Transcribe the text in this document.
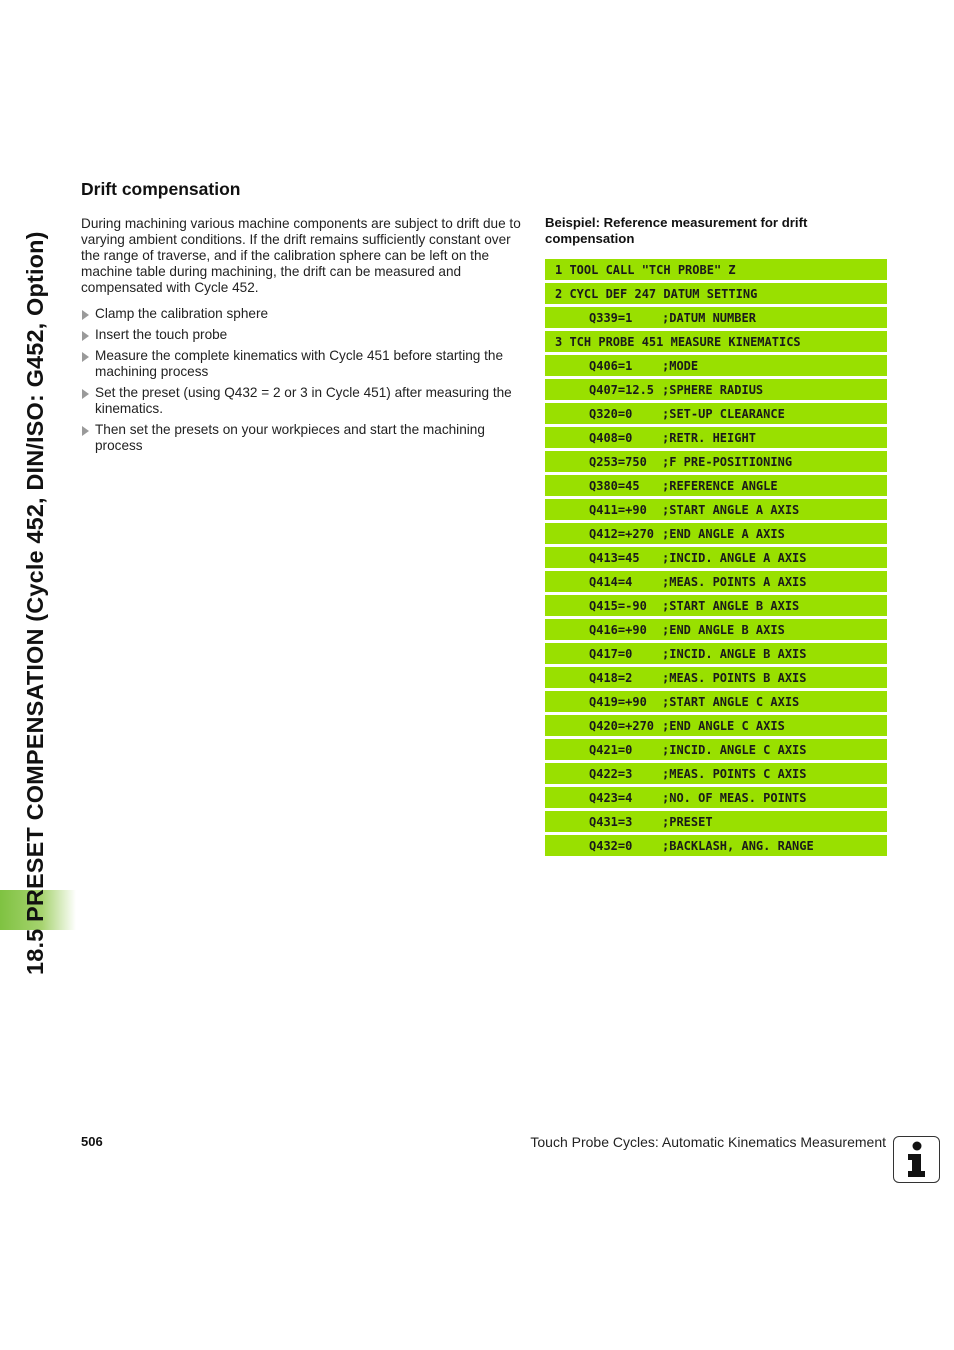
18.5 PRESET COMPENSATION (Cycle 452, DIN/ISO: G452, Option)
Drift compensation
During machining various machine components are subject to drift due to varying ambient conditions. If the drift remains sufficiently constant over the range of traverse, and if the calibration sphere can be left on the machine table during machining, the drift can be measured and compensated with Cycle 452.
Clamp the calibration sphere
Insert the touch probe
Measure the complete kinematics with Cycle 451 before starting the machining process
Set the preset (using Q432 = 2 or 3 in Cycle 451) after measuring the kinematics.
Then set the presets on your workpieces and start the machining process
Beispiel: Reference measurement for drift compensation
1 TOOL CALL "TCH PROBE" Z
2 CYCL DEF 247 DATUM SETTING
Q339=1	;DATUM NUMBER
3 TCH PROBE 451 MEASURE KINEMATICS
Q406=1	;MODE
Q407=12.5 ;SPHERE RADIUS
Q320=0	;SET-UP CLEARANCE
Q408=0	;RETR. HEIGHT
Q253=750	;F PRE-POSITIONING
Q380=45	;REFERENCE ANGLE
Q411=+90	;START ANGLE A AXIS
Q412=+270 ;END ANGLE A AXIS
Q413=45	;INCID. ANGLE A AXIS
Q414=4	;MEAS. POINTS A AXIS
Q415=-90	;START ANGLE B AXIS
Q416=+90	;END ANGLE B AXIS
Q417=0	;INCID. ANGLE B AXIS
Q418=2	;MEAS. POINTS B AXIS
Q419=+90	;START ANGLE C AXIS
Q420=+270 ;END ANGLE C AXIS
Q421=0	;INCID. ANGLE C AXIS
Q422=3	;MEAS. POINTS C AXIS
Q423=4	;NO. OF MEAS. POINTS
Q431=3	;PRESET
Q432=0	;BACKLASH, ANG. RANGE
506	Touch Probe Cycles: Automatic Kinematics Measurement
